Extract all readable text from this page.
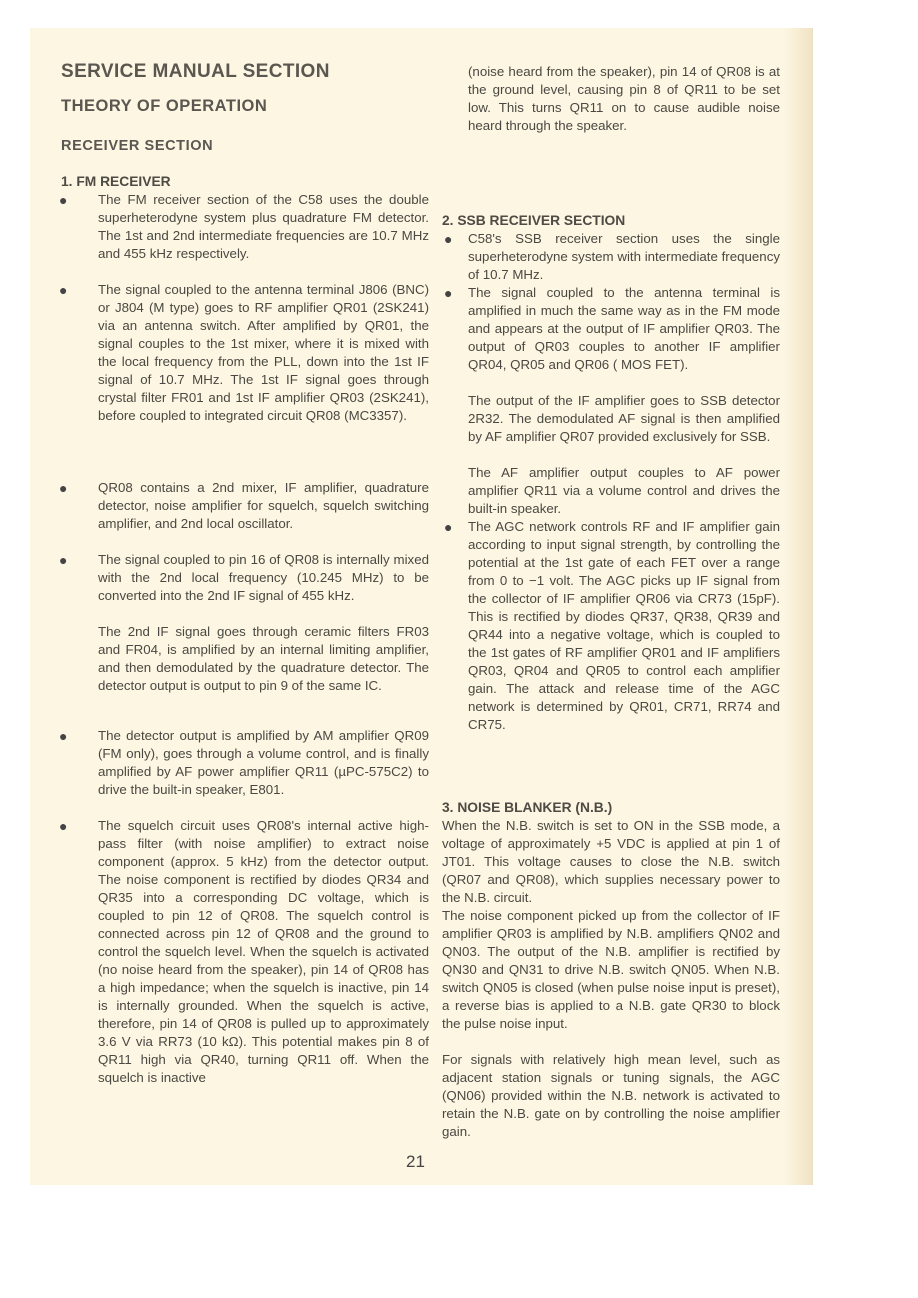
SERVICE MANUAL SECTION
THEORY OF OPERATION
RECEIVER SECTION

1. FM RECEIVER

● The FM receiver section of the C58 uses the double superheterodyne system plus quadrature FM detector. The 1st and 2nd intermediate frequencies are 10.7 MHz and 455 kHz respectively.

● The signal coupled to the antenna terminal J806 (BNC) or J804 (M type) goes to RF amplifier QR01 (2SK241) via an antenna switch. After amplified by QR01, the signal couples to the 1st mixer, where it is mixed with the local frequency from the PLL, down into the 1st IF signal of 10.7 MHz. The 1st IF signal goes through crystal filter FR01 and 1st IF amplifier QR03 (2SK241), before coupled to integrated circuit QR08 (MC3357).

● QR08 contains a 2nd mixer, IF amplifier, quadrature detector, noise amplifier for squelch, squelch switching amplifier, and 2nd local oscillator.

● The signal coupled to pin 16 of QR08 is internally mixed with the 2nd local frequency (10.245 MHz) to be converted into the 2nd IF signal of 455 kHz.

The 2nd IF signal goes through ceramic filters FR03 and FR04, is amplified by an internal limiting amplifier, and then demodulated by the quadrature detector. The detector output is output to pin 9 of the same IC.

● The detector output is amplified by AM amplifier QR09 (FM only), goes through a volume control, and is finally amplified by AF power amplifier QR11 (µPC-575C2) to drive the built-in speaker, E801.

● The squelch circuit uses QR08's internal active high-pass filter (with noise amplifier) to extract noise component (approx. 5 kHz) from the detector output. The noise component is rectified by diodes QR34 and QR35 into a corresponding DC voltage, which is coupled to pin 12 of QR08. The squelch control is connected across pin 12 of QR08 and the ground to control the squelch level. When the squelch is activated (no noise heard from the speaker), pin 14 of QR08 has a high impedance; when the squelch is inactive, pin 14 is internally grounded. When the squelch is active, therefore, pin 14 of QR08 is pulled up to approximately 3.6 V via RR73 (10 kΩ). This potential makes pin 8 of QR11 high via QR40, turning QR11 off. When the squelch is inactive

(noise heard from the speaker), pin 14 of QR08 is at the ground level, causing pin 8 of QR11 to be set low. This turns QR11 on to cause audible noise heard through the speaker.

2. SSB RECEIVER SECTION

● C58's SSB receiver section uses the single superheterodyne system with intermediate frequency of 10.7 MHz.

● The signal coupled to the antenna terminal is amplified in much the same way as in the FM mode and appears at the output of IF amplifier QR03. The output of QR03 couples to another IF amplifier QR04, QR05 and QR06 ( MOS FET).

The output of the IF amplifier goes to SSB detector 2R32. The demodulated AF signal is then amplified by AF amplifier QR07 provided exclusively for SSB.

The AF amplifier output couples to AF power amplifier QR11 via a volume control and drives the built-in speaker.

● The AGC network controls RF and IF amplifier gain according to input signal strength, by controlling the potential at the 1st gate of each FET over a range from 0 to −1 volt. The AGC picks up IF signal from the collector of IF amplifier QR06 via CR73 (15pF). This is rectified by diodes QR37, QR38, QR39 and QR44 into a negative voltage, which is coupled to the 1st gates of RF amplifier QR01 and IF amplifiers QR03, QR04 and QR05 to control each amplifier gain. The attack and release time of the AGC network is determined by QR01, CR71, RR74 and CR75.

3. NOISE BLANKER (N.B.)

When the N.B. switch is set to ON in the SSB mode, a voltage of approximately +5 VDC is applied at pin 1 of JT01. This voltage causes to close the N.B. switch (QR07 and QR08), which supplies necessary power to the N.B. circuit.

The noise component picked up from the collector of IF amplifier QR03 is amplified by N.B. amplifiers QN02 and QN03. The output of the N.B. amplifier is rectified by QN30 and QN31 to drive N.B. switch QN05. When N.B. switch QN05 is closed (when pulse noise input is preset), a reverse bias is applied to a N.B. gate QR30 to block the pulse noise input.

For signals with relatively high mean level, such as adjacent station signals or tuning signals, the AGC (QN06) provided within the N.B. network is activated to retain the N.B. gate on by controlling the noise amplifier gain.

21
